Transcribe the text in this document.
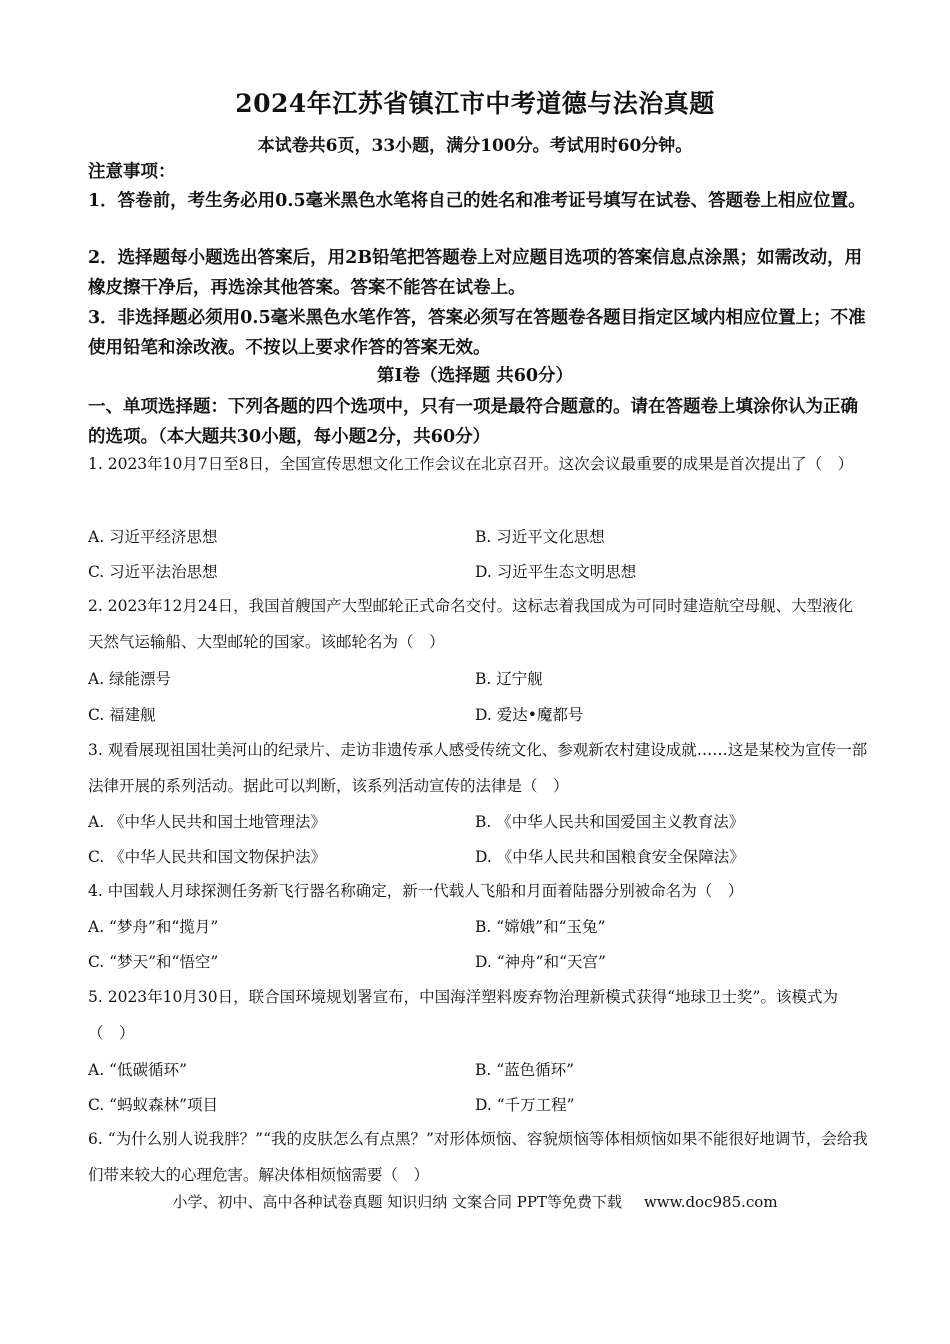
2024年江苏省镇江市中考道德与法治真题
本试卷共6页，33小题，满分100分。考试用时60分钟。
注意事项：
1．答卷前，考生务必用0.5毫米黑色水笔将自己的姓名和准考证号填写在试卷、答题卷上相应位置。
2．选择题每小题选出答案后，用2B铅笔把答题卷上对应题目选项的答案信息点涂黑；如需改动，用橡皮擦干净后，再选涂其他答案。答案不能答在试卷上。
3．非选择题必须用0.5毫米黑色水笔作答，答案必须写在答题卷各题目指定区域内相应位置上；不准使用铅笔和涂改液。不按以上要求作答的答案无效。
第Ⅰ卷（选择题 共60分）
一、单项选择题：下列各题的四个选项中，只有一项是最符合题意的。请在答题卷上填涂你认为正确的选项。（本大题共30小题，每小题2分，共60分）
1. 2023年10月7日至8日，全国宣传思想文化工作会议在北京召开。这次会议最重要的成果是首次提出了（　）
A. 习近平经济思想	B. 习近平文化思想
C. 习近平法治思想	D. 习近平生态文明思想
2. 2023年12月24日，我国首艘国产大型邮轮正式命名交付。这标志着我国成为可同时建造航空母舰、大型液化天然气运输船、大型邮轮的国家。该邮轮名为（　）
A. 绿能漂号	B. 辽宁舰
C. 福建舰	D. 爱达•魔都号
3. 观看展现祖国壮美河山的纪录片、走访非遗传承人感受传统文化、参观新农村建设成就……这是某校为宣传一部法律开展的系列活动。据此可以判断，该系列活动宣传的法律是（　）
A. 《中华人民共和国土地管理法》	B. 《中华人民共和国爱国主义教育法》
C. 《中华人民共和国文物保护法》	D. 《中华人民共和国粮食安全保障法》
4. 中国载人月球探测任务新飞行器名称确定，新一代载人飞船和月面着陆器分别被命名为（　）
A. “梦舟”和“揽月”	B. “嫦娥”和“玉兔”
C. “梦天”和“悟空”	D. “神舟”和“天宫”
5. 2023年10月30日，联合国环境规划署宣布，中国海洋塑料废弃物治理新模式获得“地球卫士奖”。该模式为（　）
A. “低碳循环”	B. “蓝色循环”
C. “蚂蚁森林”项目	D. “千万工程”
6. “为什么别人说我胖？”“我的皮肤怎么有点黑？”对形体烦恼、容貌烦恼等体相烦恼如果不能很好地调节，会给我们带来较大的心理危害。解决体相烦恼需要（　）
小学、初中、高中各种试卷真题 知识归纳 文案合同 PPT等免费下载 www.doc985.com
